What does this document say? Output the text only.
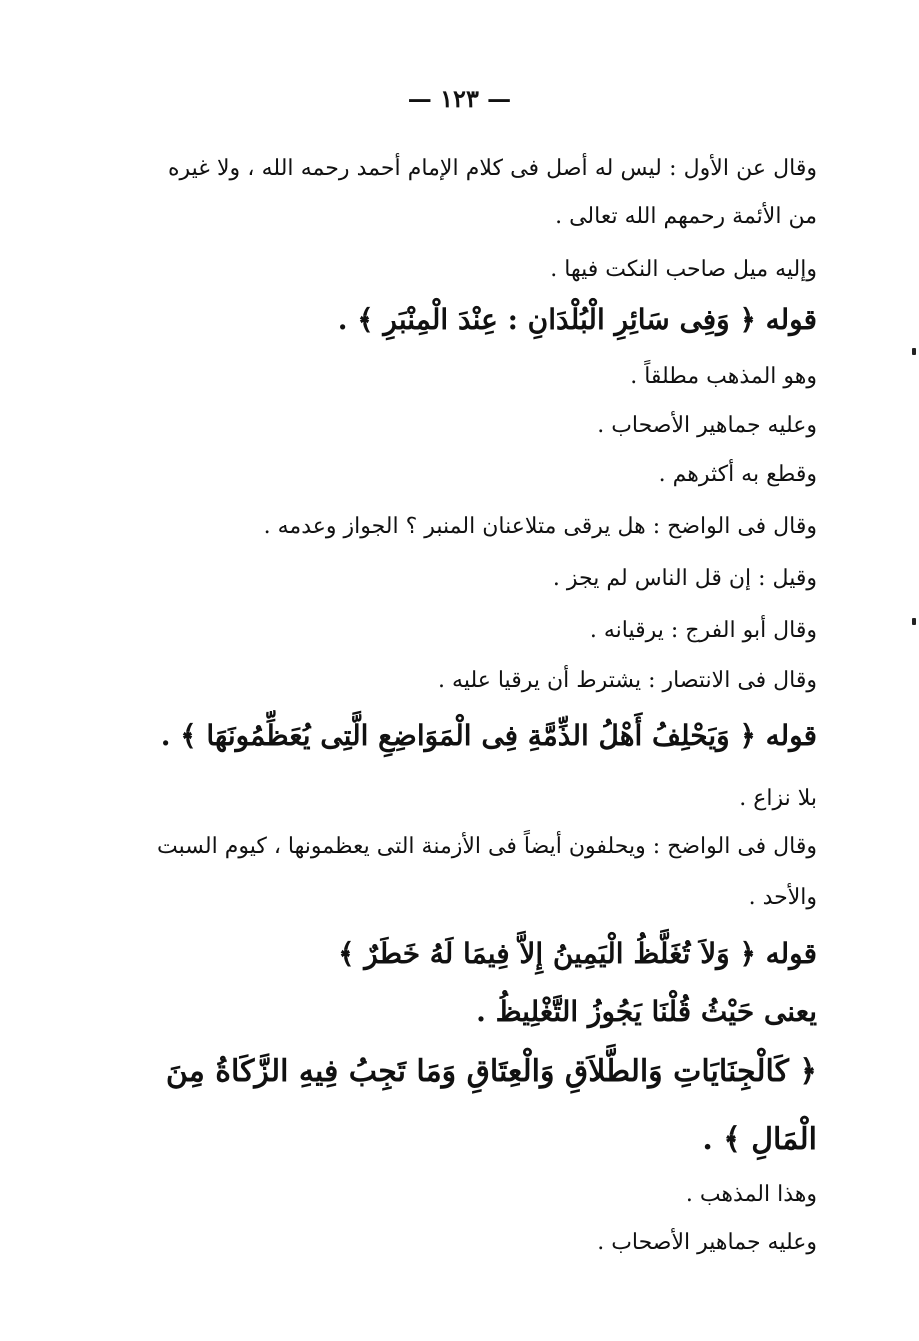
— ١٢٣ —
وقال عن الأول : ليس له أصل فى كلام الإمام أحمد رحمه الله ، ولا غيره
من الأئمة رحمهم الله تعالى .
وإليه ميل صاحب النكت فيها .
قوله ﴿ وَفِى سَائِرِ الْبُلْدَانِ : عِنْدَ الْمِنْبَرِ ﴾ .
وهو المذهب مطلقاً .
وعليه جماهير الأصحاب .
وقطع به أكثرهم .
وقال فى الواضح : هل يرقى متلاعنان المنبر ؟ الجواز وعدمه .
وقيل : إن قل الناس لم يجز .
وقال أبو الفرج : يرقيانه .
وقال فى الانتصار : يشترط أن يرقيا عليه .
قوله ﴿ وَيَحْلِفُ أَهْلُ الذِّمَّةِ فِى الْمَوَاضِعِ الَّتِى يُعَظِّمُونَهَا ﴾ .
بلا نزاع .
وقال فى الواضح : ويحلفون أيضاً فى الأزمنة التى يعظمونها ، كيوم السبت
والأحد .
قوله ﴿ وَلاَ تُغَلَّظُ الْيَمِينُ إِلاَّ فِيمَا لَهُ خَطَرٌ ﴾
يعنى حَيْثُ قُلْنَا يَجُوزُ التَّغْلِيظُ .
﴿ كَالْجِنَايَاتِ وَالطَّلاَقِ وَالْعِتَاقِ وَمَا تَجِبُ فِيهِ الزَّكَاةُ مِنَ
الْمَالِ ﴾ .
وهذا المذهب .
وعليه جماهير الأصحاب .
